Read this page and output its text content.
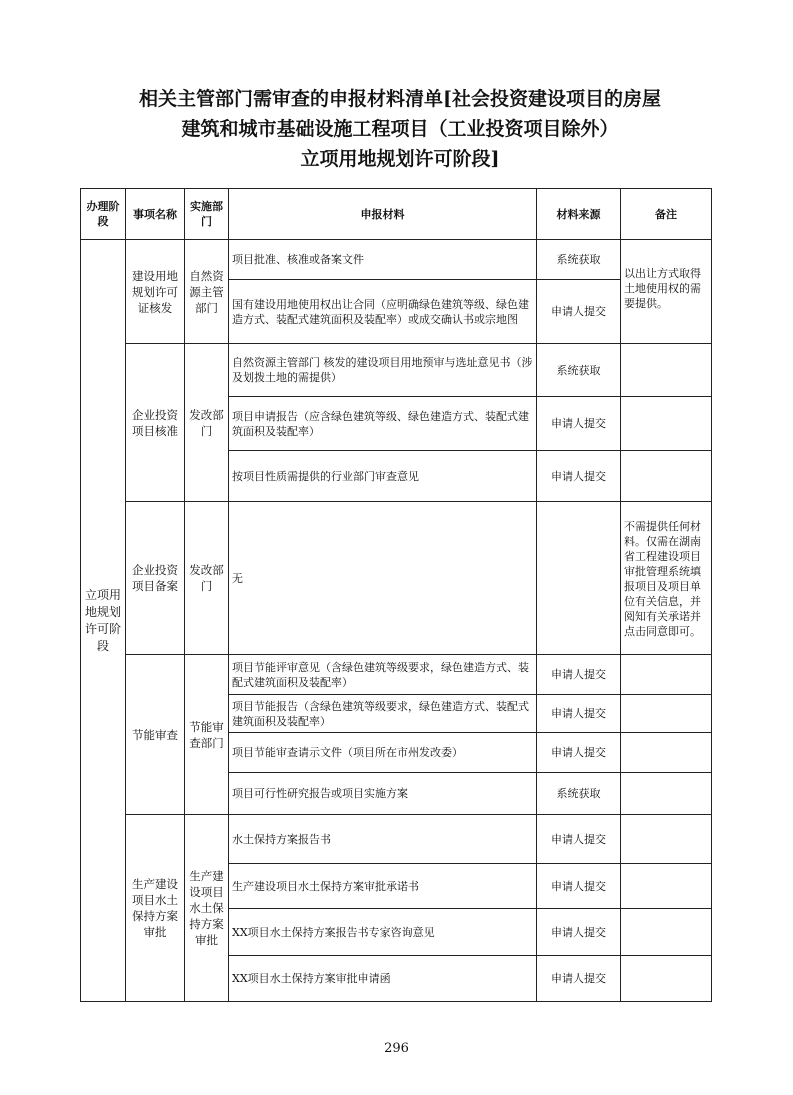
相关主管部门需审查的申报材料清单[社会投资建设项目的房屋
建筑和城市基础设施工程项目（工业投资项目除外）
立项用地规划许可阶段]
办理阶段	事项名称	实施部门	申报材料	材料来源	备注
立项用地规划许可阶段	建设用地规划许可证核发	自然资源主管部门	项目批准、核准或备案文件	系统获取	以出让方式取得土地使用权的需要提供。
			国有建设用地使用权出让合同（应明确绿色建筑等级、绿色建造方式、装配式建筑面积及装配率）或成交确认书或宗地图	申请人提交	
	企业投资项目核准	发改部门	自然资源主管部门 核发的建设项目用地预审与选址意见书（涉及划拨土地的需提供）	系统获取	
			项目申请报告（应含绿色建筑等级、绿色建造方式、装配式建筑面积及装配率）	申请人提交	
			按项目性质需提供的行业部门审查意见	申请人提交	
	企业投资项目备案	发改部门	无		不需提供任何材料。仅需在湖南省工程建设项目审批管理系统填报项目及项目单位有关信息，并阅知有关承诺并点击同意即可。
	节能审查	节能审查部门	项目节能评审意见（含绿色建筑等级要求，绿色建造方式、装配式建筑面积及装配率）	申请人提交	
			项目节能报告（含绿色建筑等级要求，绿色建造方式、装配式建筑面积及装配率）	申请人提交	
			项目节能审查请示文件（项目所在市州发改委）	申请人提交	
			项目可行性研究报告或项目实施方案	系统获取	
	生产建设项目水土保持方案审批	生产建设项目水土保持方案审批	水土保持方案报告书	申请人提交	
			生产建设项目水土保持方案审批承诺书	申请人提交	
			XX项目水土保持方案报告书专家咨询意见	申请人提交	
			XX项目水土保持方案审批申请函	申请人提交	
296
